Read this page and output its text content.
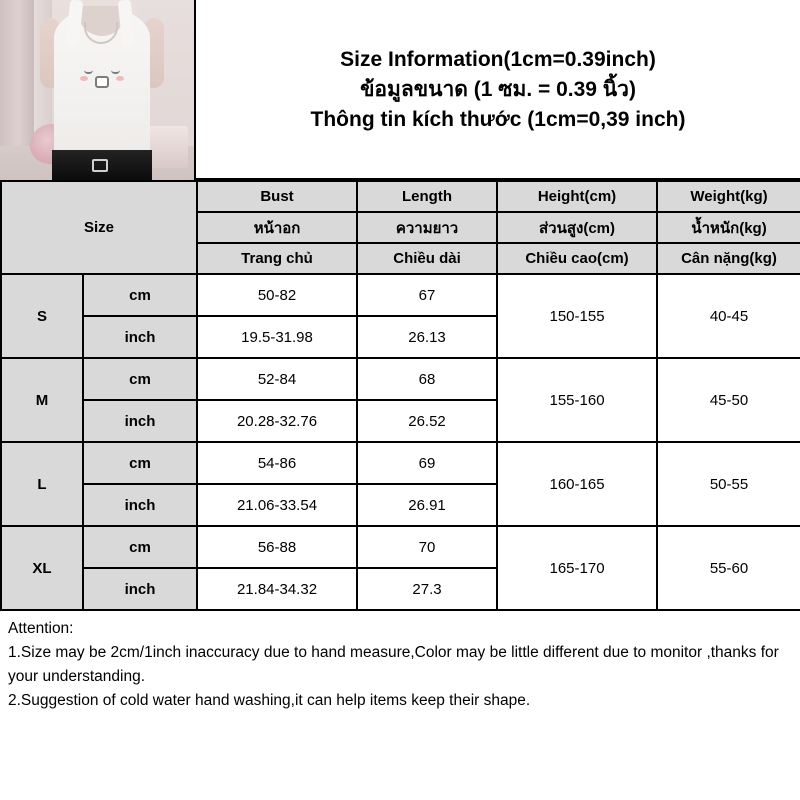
Size Information(1cm=0.39inch)
ข้อมูลขนาด (1 ซม. = 0.39 นิ้ว)
Thông tin kích thước (1cm=0,39 inch)
Size		Bust	Length	Height(cm)	Weight(kg)
		หน้าอก	ความยาว	ส่วนสูง(cm)	น้ำหนัก(kg)
		Trang chủ	Chiều dài	Chiều cao(cm)	Cân nặng(kg)
S	cm	50-82	67	150-155	40-45
	inch	19.5-31.98	26.13		
M	cm	52-84	68	155-160	45-50
	inch	20.28-32.76	26.52		
L	cm	54-86	69	160-165	50-55
	inch	21.06-33.54	26.91		
XL	cm	56-88	70	165-170	55-60
	inch	21.84-34.32	27.3		
Attention:
1.Size may be 2cm/1inch inaccuracy due to hand measure,Color may be little different due to monitor ,thanks for your understanding.
2.Suggestion of cold water hand washing,it can help items keep their shape.
